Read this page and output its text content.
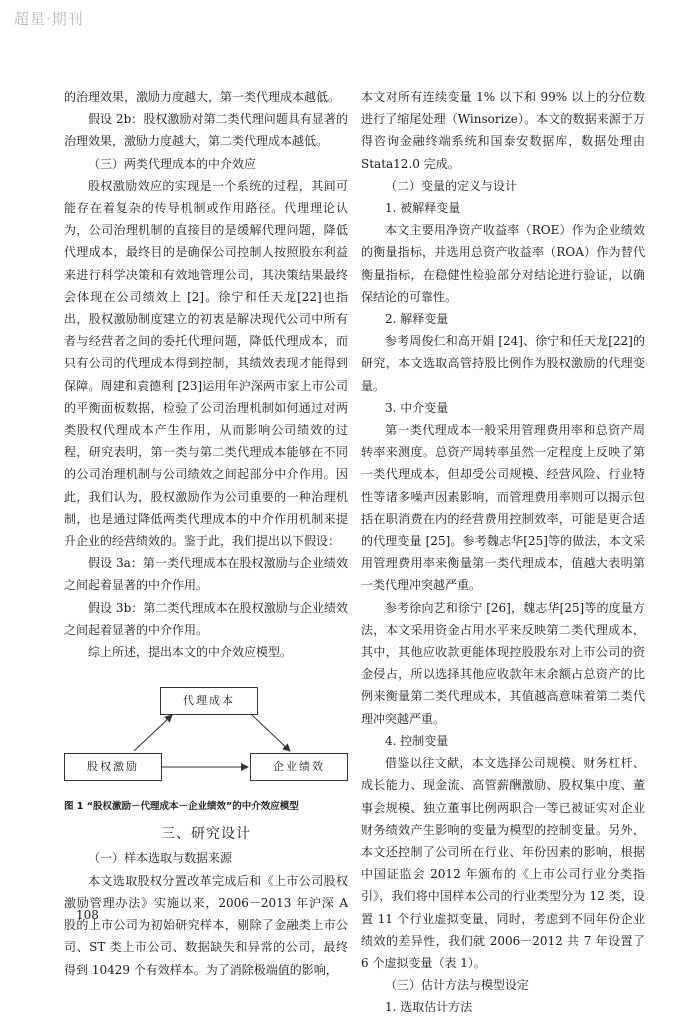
超星·期刊

的治理效果，激励力度越大，第一类代理成本越低。

假设 2b：股权激励对第二类代理问题具有显著的治理效果，激励力度越大，第二类代理成本越低。

（三）两类代理成本的中介效应

股权激励效应的实现是一个系统的过程，其间可能存在着复杂的传导机制或作用路径。代理理论认为，公司治理机制的直接目的是缓解代理问题，降低代理成本，最终目的是确保公司控制人按照股东利益来进行科学决策和有效地管理公司，其决策结果最终会体现在公司绩效上 [2]。徐宁和任天龙[22]也指出，股权激励制度建立的初衷是解决现代公司中所有者与经营者之间的委托代理问题，降低代理成本，而只有公司的代理成本得到控制，其绩效表现才能得到保障。周建和袁德利 [23]运用年沪深两市家上市公司的平衡面板数据，检验了公司治理机制如何通过对两类股权代理成本产生作用，从而影响公司绩效的过程，研究表明，第一类与第二类代理成本能够在不同的公司治理机制与公司绩效之间起部分中介作用。因此，我们认为，股权激励作为公司重要的一种治理机制，也是通过降低两类代理成本的中介作用机制来提升企业的经营绩效的。鉴于此，我们提出以下假设：

假设 3a：第一类代理成本在股权激励与企业绩效之间起着显著的中介作用。

假设 3b：第二类代理成本在股权激励与企业绩效之间起着显著的中介作用。

综上所述，提出本文的中介效应模型。

代理成本
股权激励	企业绩效

图 1 “股权激励－代理成本－企业绩效”的中介效应模型

三、研究设计
（一）样本选取与数据来源

本文选取股权分置改革完成后和《上市公司股权激励管理办法》实施以来，2006－2013 年沪深 A 股的上市公司为初始研究样本，剔除了金融类上市公司、ST 类上市公司、数据缺失和异常的公司，最终得到 10429 个有效样本。为了消除极端值的影响，

本文对所有连续变量 1% 以下和 99% 以上的分位数进行了缩尾处理（Winsorize）。本文的数据来源于万得咨询金融终端系统和国泰安数据库，数据处理由 Stata12.0 完成。

（二）变量的定义与设计
1. 被解释变量

本文主要用净资产收益率（ROE）作为企业绩效的衡量指标，并选用总资产收益率（ROA）作为替代衡量指标，在稳健性检验部分对结论进行验证，以确保结论的可靠性。

2. 解释变量

参考周俊仁和高开娟 [24]、徐宁和任天龙[22]的研究，本文选取高管持股比例作为股权激励的代理变量。

3. 中介变量

第一类代理成本一般采用管理费用率和总资产周转率来测度。总资产周转率虽然一定程度上反映了第一类代理成本，但却受公司规模、经营风险、行业特性等诸多噪声因素影响，而管理费用率则可以揭示包括在职消费在内的经营费用控制效率，可能是更合适的代理变量 [25]。参考魏志华[25]等的做法，本文采用管理费用率来衡量第一类代理成本，值越大表明第一类代理冲突越严重。

参考徐向艺和徐宁 [26]，魏志华[25]等的度量方法，本文采用资金占用水平来反映第二类代理成本，其中，其他应收款更能体现控股股东对上市公司的资金侵占，所以选择其他应收款年末余额占总资产的比例来衡量第二类代理成本，其值越高意味着第二类代理冲突越严重。

4. 控制变量

借鉴以往文献，本文选择公司规模、财务杠杆、成长能力、现金流、高管薪酬激励、股权集中度、董事会规模、独立董事比例两职合一等已被证实对企业财务绩效产生影响的变量为模型的控制变量。另外，本文还控制了公司所在行业、年份因素的影响，根据中国证监会 2012 年颁布的《上市公司行业分类指引》，我们将中国样本公司的行业类型分为 12 类，设置 11 个行业虚拟变量，同时，考虑到不同年份企业绩效的差异性，我们就 2006－2012 共 7 年设置了 6 个虚拟变量（表 1）。

（三）估计方法与模型设定
1. 选取估计方法
108
